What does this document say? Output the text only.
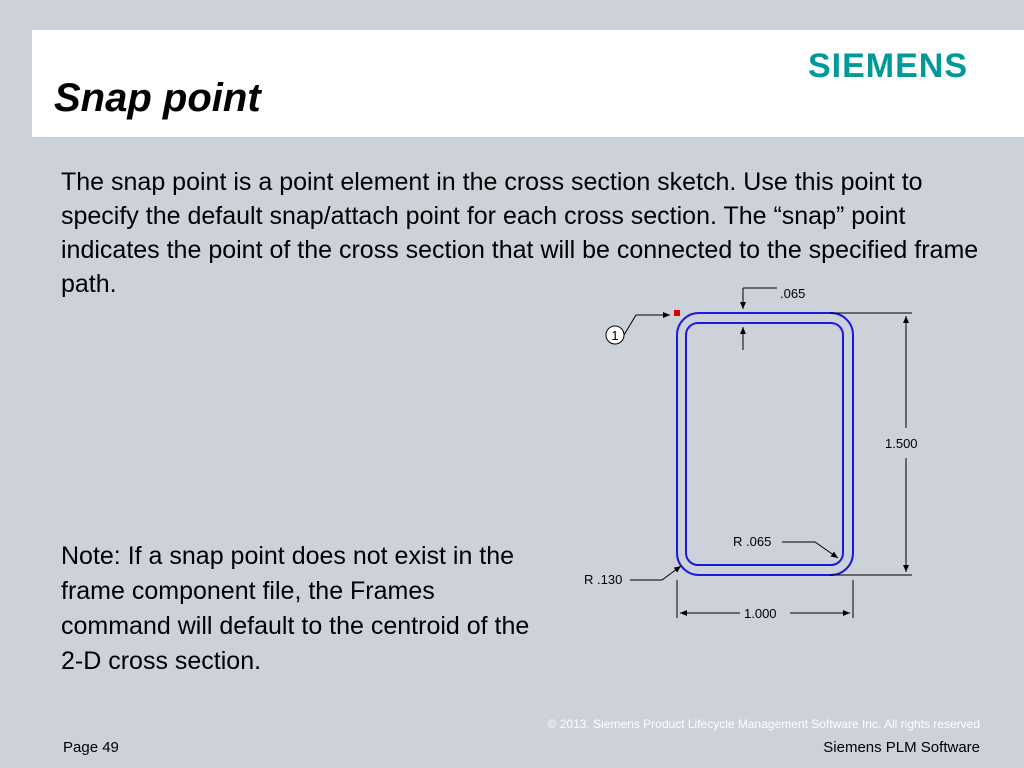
Snap point
SIEMENS

The snap point is a point element in the cross section sketch. Use this point to specify the default snap/attach point for each cross section. The “snap” point indicates the point of the cross section that will be connected to the specified frame path.

Note: If a snap point does not exist in the frame component file, the Frames command will default to the centroid of the 2-D cross section.

1
.065
1.500
1.000
R .065
R .130
© 2013. Siemens Product Lifecycle Management Software Inc. All rights reserved
Page 49	Siemens PLM Software
